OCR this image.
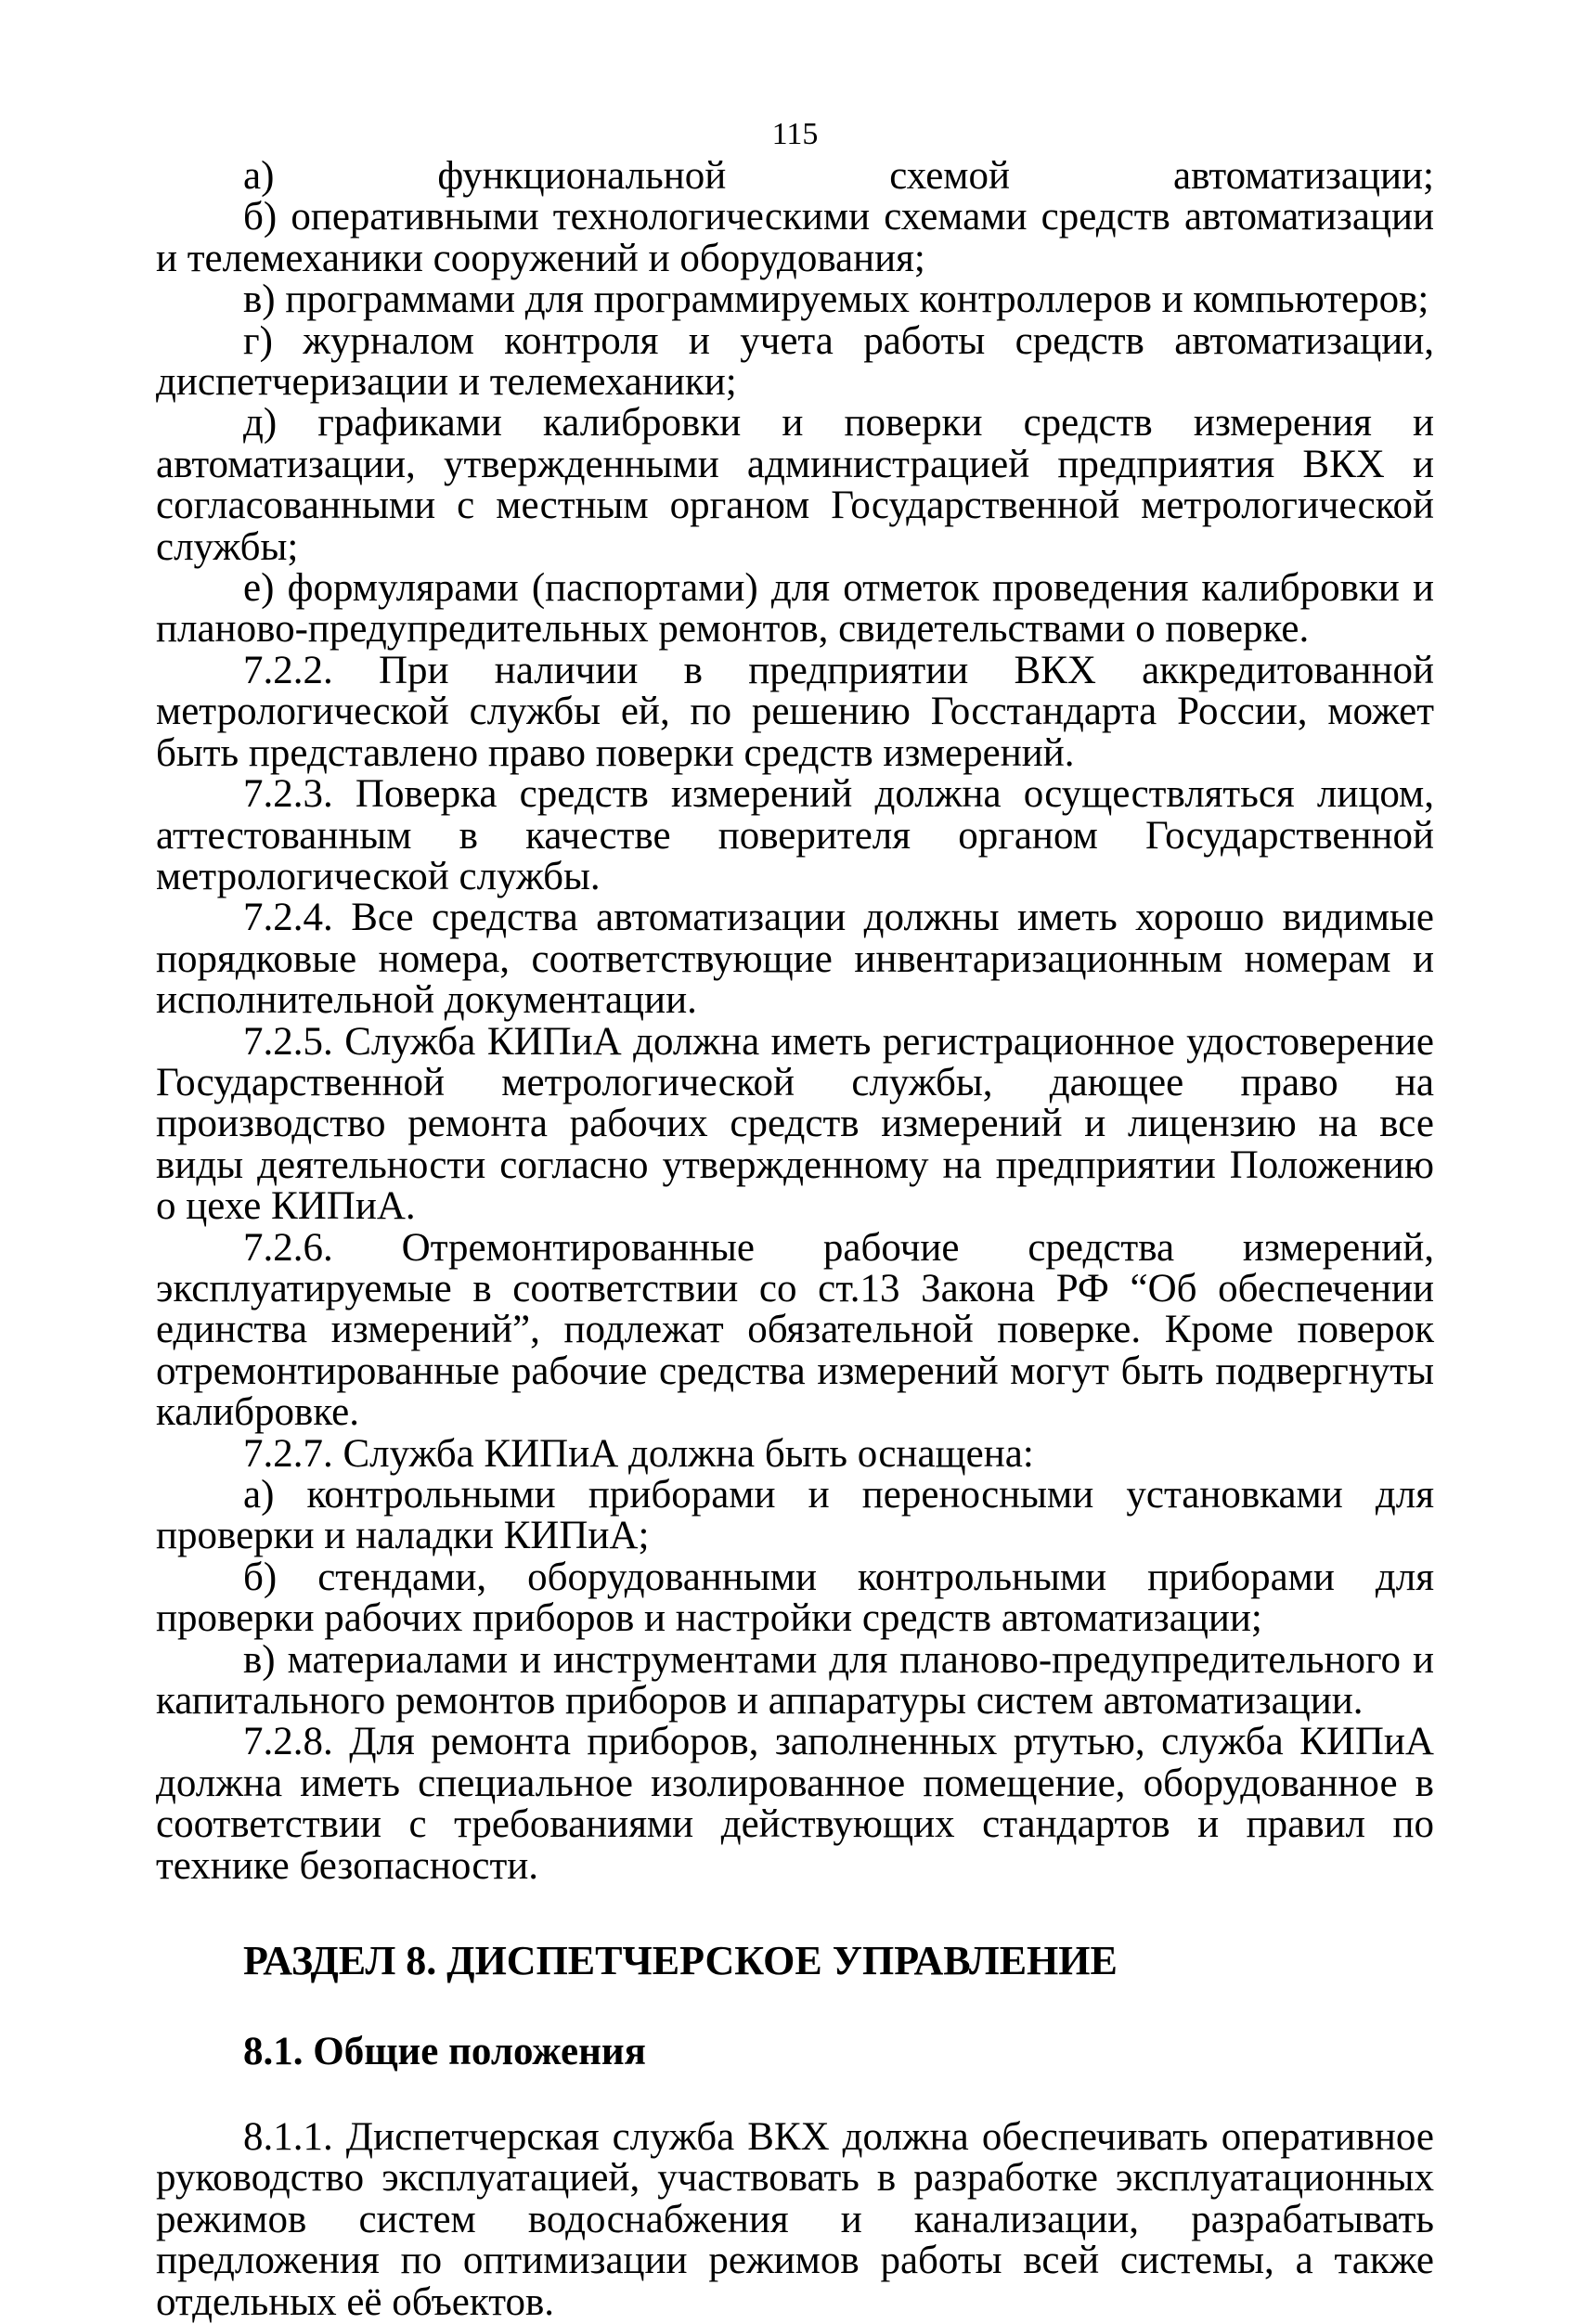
115

а) функциональной схемой автоматизации;

б) оперативными технологическими схемами средств автоматизации и телемеханики сооружений и оборудования;

в) программами для программируемых контроллеров и компьютеров;

г) журналом контроля и учета работы средств автоматизации, диспетчеризации и телемеханики;

д) графиками калибровки и поверки средств измерения и автоматизации, утвержденными администрацией предприятия ВКХ и согласованными с местным органом Государственной метрологической службы;

е) формулярами (паспортами) для отметок проведения калибровки и планово-предупредительных ремонтов, свидетельствами о поверке.

7.2.2. При наличии в предприятии ВКХ аккредитованной метрологической службы ей, по решению Госстандарта России, может быть представлено право поверки средств измерений.

7.2.3. Поверка средств измерений должна осуществляться лицом, аттестованным в качестве поверителя органом Государственной метрологической службы.

7.2.4. Все средства автоматизации должны иметь хорошо видимые порядковые номера, соответствующие инвентаризационным номерам и исполнительной документации.

7.2.5. Служба КИПиА должна иметь регистрационное удостоверение Государственной метрологической службы, дающее право на производство ремонта рабочих средств измерений и лицензию на все виды деятельности согласно утвержденному на предприятии Положению о цехе КИПиА.

7.2.6. Отремонтированные рабочие средства измерений, эксплуатируемые в соответствии со ст.13 Закона РФ “Об обеспечении единства измерений”, подлежат обязательной поверке. Кроме поверок отремонтированные рабочие средства измерений могут быть подвергнуты калибровке.

7.2.7. Служба КИПиА должна быть оснащена:

а) контрольными приборами и переносными установками для проверки и наладки КИПиА;

б) стендами, оборудованными контрольными приборами для проверки рабочих приборов и настройки средств автоматизации;

в) материалами и инструментами для планово-предупредительного и капитального ремонтов приборов и аппаратуры систем автоматизации.

7.2.8. Для ремонта приборов, заполненных ртутью, служба КИПиА должна иметь специальное изолированное помещение, оборудованное в соответствии с требованиями действующих стандартов и правил по технике безопасности.

РАЗДЕЛ 8. ДИСПЕТЧЕРСКОЕ УПРАВЛЕНИЕ

8.1. Общие положения

8.1.1. Диспетчерская служба ВКХ должна обеспечивать оперативное руководство эксплуатацией, участвовать в разработке эксплуатационных режимов систем водоснабжения и канализации, разрабатывать предложения по оптимизации режимов работы всей системы, а также отдельных её объектов.
